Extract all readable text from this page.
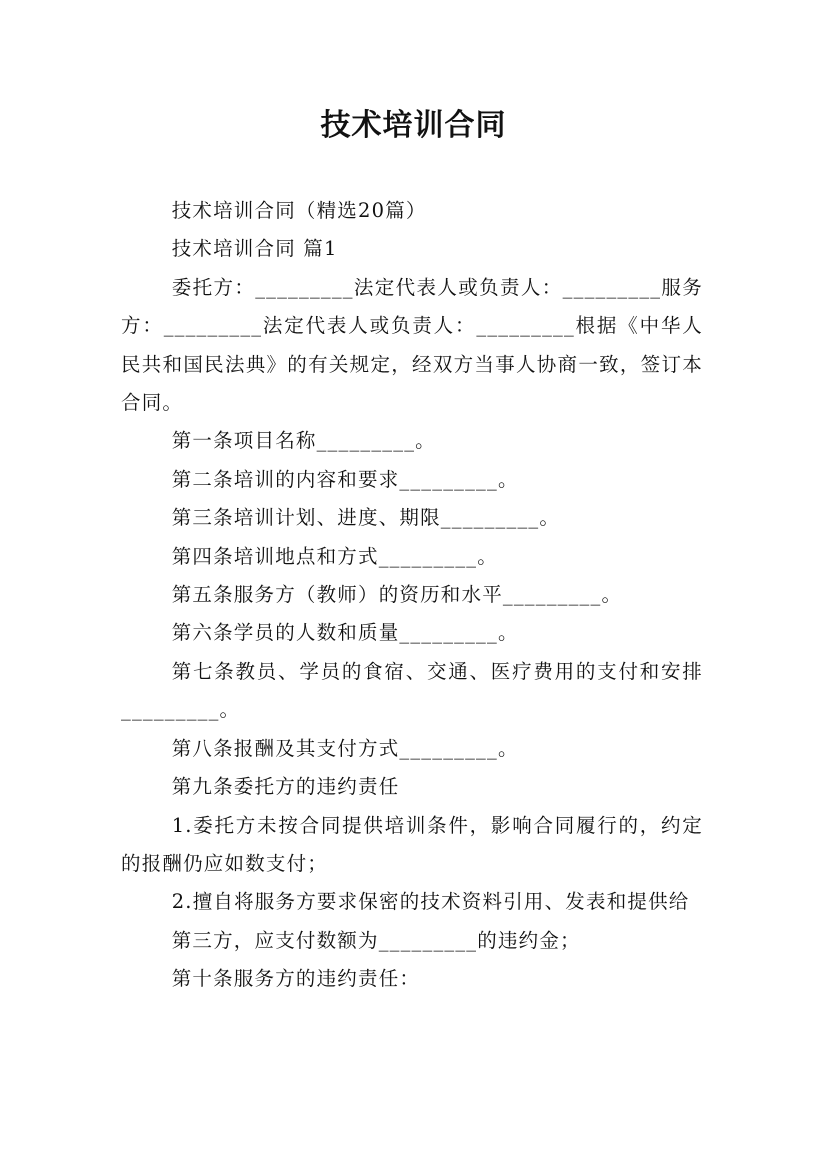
技术培训合同

技术培训合同（精选20篇）

技术培训合同 篇1

委托方：_________法定代表人或负责人：_________服务方：_________法定代表人或负责人：_________根据《中华人民共和国民法典》的有关规定，经双方当事人协商一致，签订本合同。

第一条项目名称_________。

第二条培训的内容和要求_________。

第三条培训计划、进度、期限_________。

第四条培训地点和方式_________。

第五条服务方（教师）的资历和水平_________。

第六条学员的人数和质量_________。

第七条教员、学员的食宿、交通、医疗费用的支付和安排_________。

第八条报酬及其支付方式_________。

第九条委托方的违约责任

1.委托方未按合同提供培训条件，影响合同履行的，约定的报酬仍应如数支付；

2.擅自将服务方要求保密的技术资料引用、发表和提供给

第三方，应支付数额为_________的违约金；

第十条服务方的违约责任：
